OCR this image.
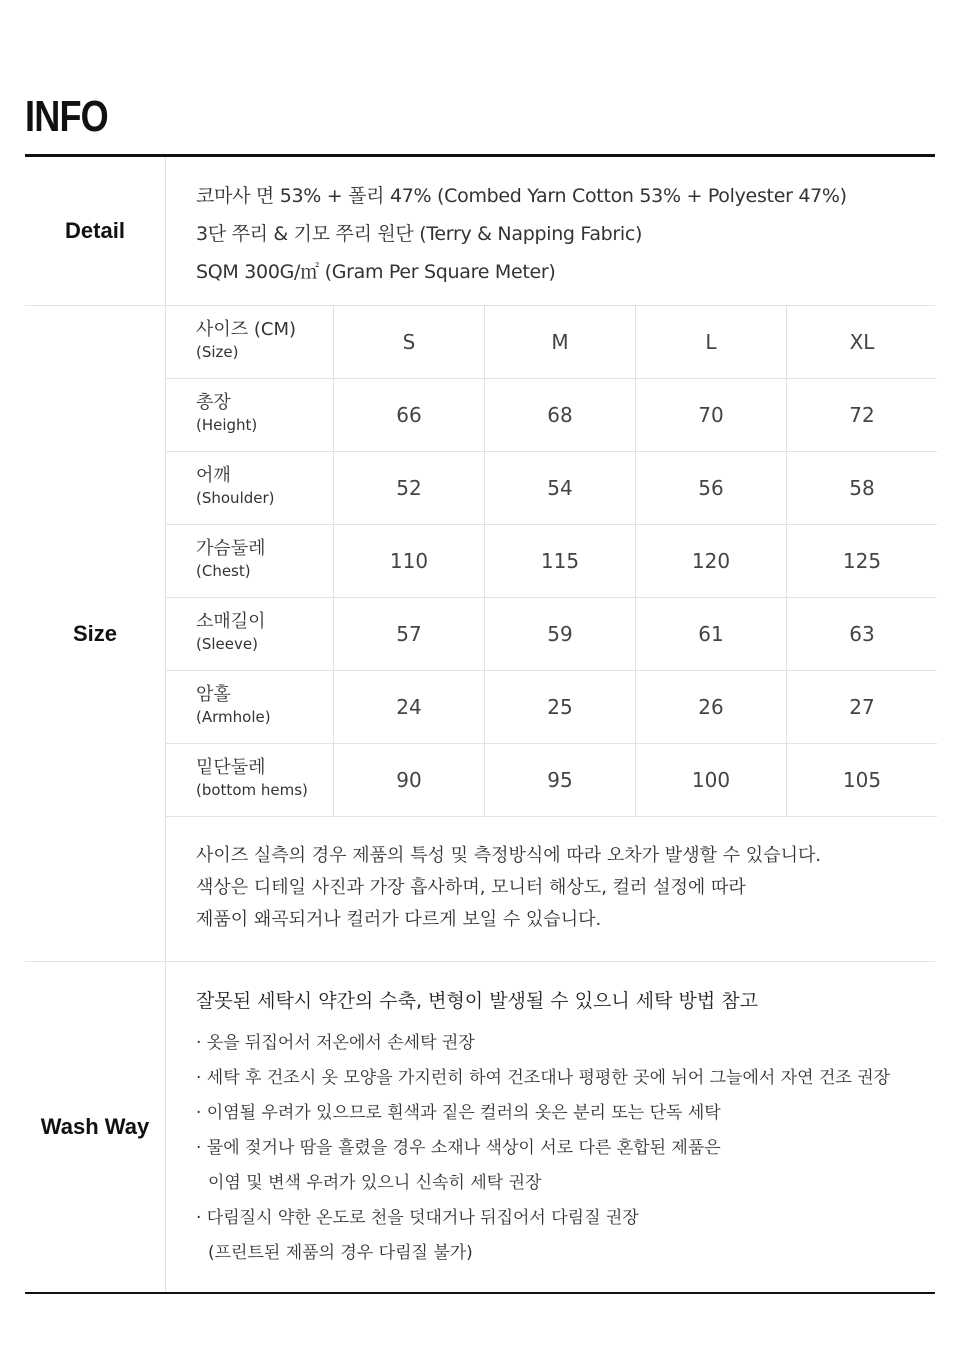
INFO
Detail
코마사 면 53% + 폴리 47% (Combed Yarn Cotton 53% + Polyester 47%)
3단 쭈리 & 기모 쭈리 원단 (Terry & Napping Fabric)
SQM 300G/㎡ (Gram Per Square Meter)
Size
사이즈 (CM)
(Size)	S	M	L	XL
총장
(Height)	66	68	70	72
어깨
(Shoulder)	52	54	56	58
가슴둘레
(Chest)	110	115	120	125
소매길이
(Sleeve)	57	59	61	63
암홀
(Armhole)	24	25	26	27
밑단둘레
(bottom hems)	90	95	100	105
사이즈 실측의 경우 제품의 특성 및 측정방식에 따라 오차가 발생할 수 있습니다.
색상은 디테일 사진과 가장 흡사하며, 모니터 해상도, 컬러 설정에 따라
제품이 왜곡되거나 컬러가 다르게 보일 수 있습니다.
Wash Way
잘못된 세탁시 약간의 수축, 변형이 발생될 수 있으니 세탁 방법 참고
· 옷을 뒤집어서 저온에서 손세탁 권장
· 세탁 후 건조시 옷 모양을 가지런히 하여 건조대나 평평한 곳에 뉘어 그늘에서 자연 건조 권장
· 이염될 우려가 있으므로 흰색과 짙은 컬러의 옷은 분리 또는 단독 세탁
· 물에 젖거나 땀을 흘렸을 경우 소재나 색상이 서로 다른 혼합된 제품은
이염 및 변색 우려가 있으니 신속히 세탁 권장
· 다림질시 약한 온도로 천을 덧대거나 뒤집어서 다림질 권장
(프린트된 제품의 경우 다림질 불가)
